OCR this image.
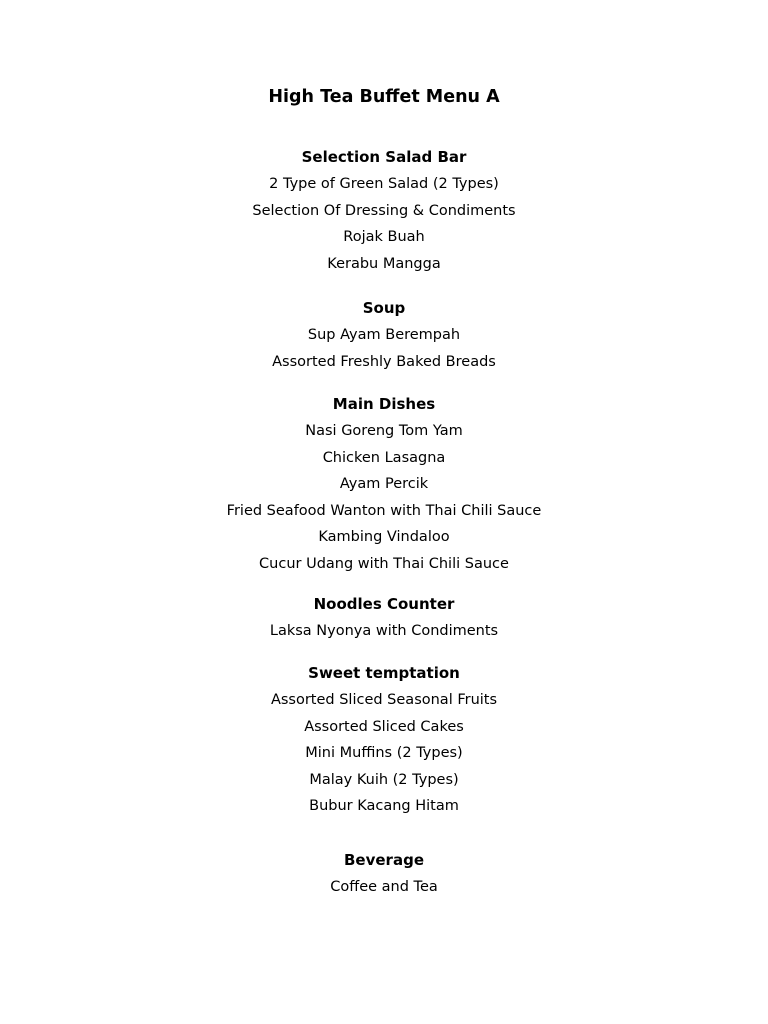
High Tea Buffet Menu A
Selection Salad Bar
2 Type of Green Salad (2 Types)
Selection Of Dressing & Condiments
Rojak Buah
Kerabu Mangga
Soup
Sup Ayam Berempah
Assorted Freshly Baked Breads
Main Dishes
Nasi Goreng Tom Yam
Chicken Lasagna
Ayam Percik
Fried Seafood Wanton with Thai Chili Sauce
Kambing Vindaloo
Cucur Udang with Thai Chili Sauce
Noodles Counter
Laksa Nyonya with Condiments
Sweet temptation
Assorted Sliced Seasonal Fruits
Assorted Sliced Cakes
Mini Muffins (2 Types)
Malay Kuih (2 Types)
Bubur Kacang Hitam
Beverage
Coffee and Tea
